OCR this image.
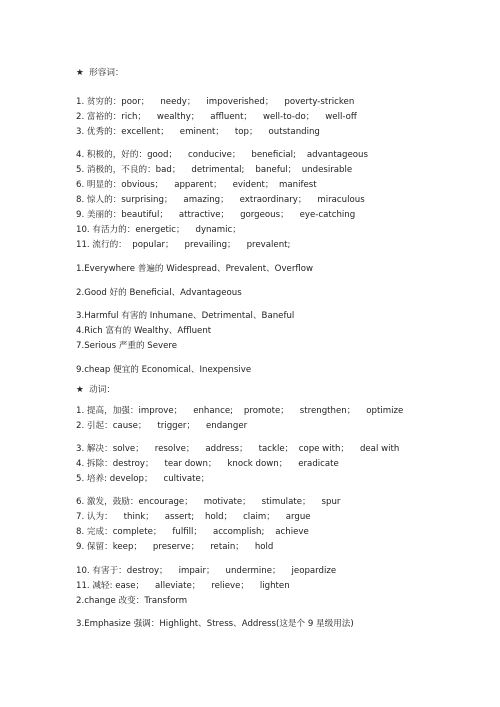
★  形容词：
1. 贫穷的：poor；    needy；    impoverished；    poverty-stricken
2. 富裕的：rich；    wealthy；    affluent；    well-to-do；    well-off
3. 优秀的：excellent；    eminent；    top；    outstanding
4. 积极的，好的：good；    conducive；    beneficial;    advantageous
5. 消极的，不良的：bad；    detrimental;    baneful；  undesirable
6. 明显的：obvious；    apparent；    evident；  manifest
8. 惊人的：surprising；    amazing；    extraordinary；    miraculous
9. 美丽的：beautiful；    attractive；    gorgeous；    eye-catching
10. 有活力的：energetic；    dynamic；
11. 流行的：  popular；    prevailing；    prevalent;
1.Everywhere 普遍的 Widespread、Prevalent、Overflow
2.Good 好的 Beneficial、Advantageous
3.Harmful 有害的 Inhumane、Detrimental、Baneful
4.Rich 富有的 Wealthy、Affluent
7.Serious 严重的 Severe
9.cheap 便宜的 Economical、Inexpensive
★  动词：
1. 提高，加强：improve；    enhance;    promote；    strengthen；    optimize
2. 引起：cause；    trigger；    endanger
3. 解决：solve；    resolve；    address；    tackle；  cope with；    deal with
4. 拆除：destroy；    tear down；    knock down；    eradicate
5. 培养: develop；    cultivate；
6. 激发，鼓励：encourage；    motivate；    stimulate；    spur
7. 认为：    think；    assert;    hold；    claim；    argue
8. 完成：complete；    fulfill；    accomplish;    achieve
9. 保留：keep；    preserve；    retain；    hold
10. 有害于：destroy；    impair；    undermine；    jeopardize
11. 减轻: ease；    alleviate；    relieve；    lighten
2.change 改变：Transform
3.Emphasize 强调：Highlight、Stress、Address(这是个 9 星级用法)
